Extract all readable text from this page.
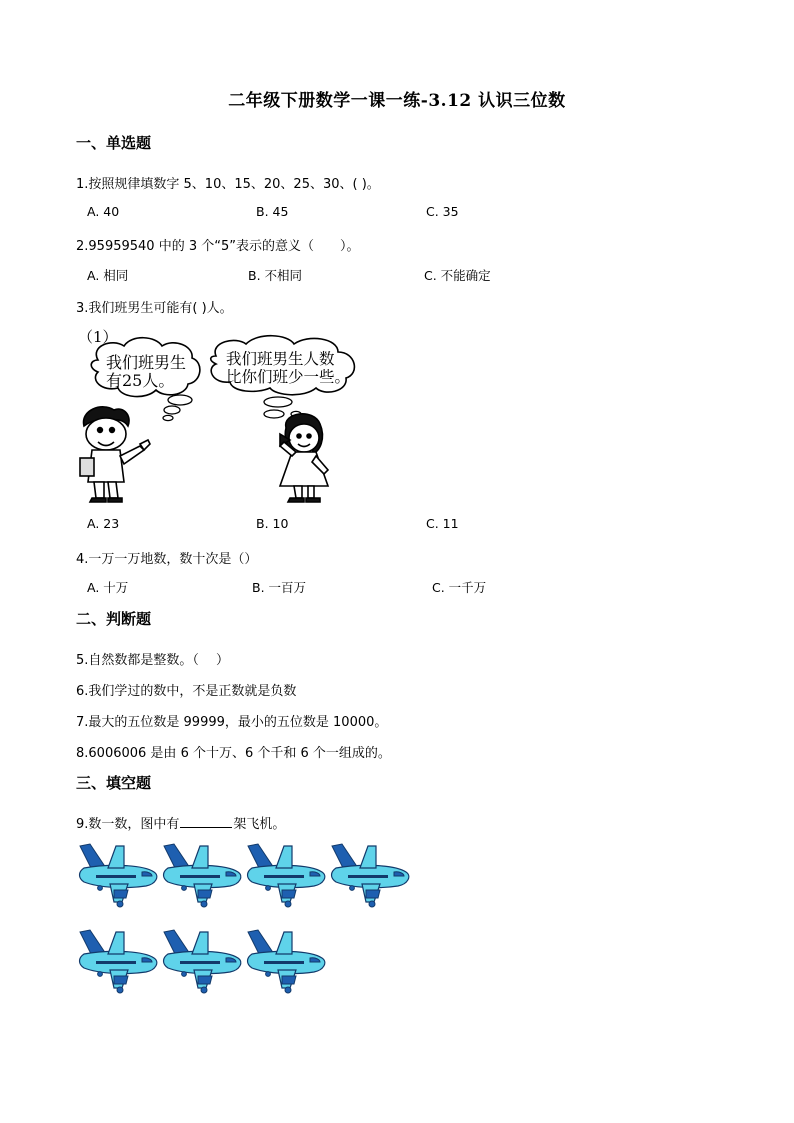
二年级下册数学一课一练-3.12 认识三位数
一、单选题
1.按照规律填数字 5、10、15、20、25、30、( )。
A. 40	B. 45	C. 35
2.95959540 中的 3 个“5”表示的意义（　　）。
A. 相同	B. 不相同	C. 不能确定
3.我们班男生可能有( )人。
（1）
我们班男生
有25人。
我们班男生人数
比你们班少一些。
A. 23	B. 10	C. 11
4.一万一万地数，数十次是（）
A. 十万	B. 一百万	C. 一千万
二、判断题
5.自然数都是整数。（　 ）
6.我们学过的数中，不是正数就是负数
7.最大的五位数是 99999，最小的五位数是 10000。
8.6006006 是由 6 个十万、6 个千和 6 个一组成的。
三、填空题
9.数一数，图中有	架飞机。
